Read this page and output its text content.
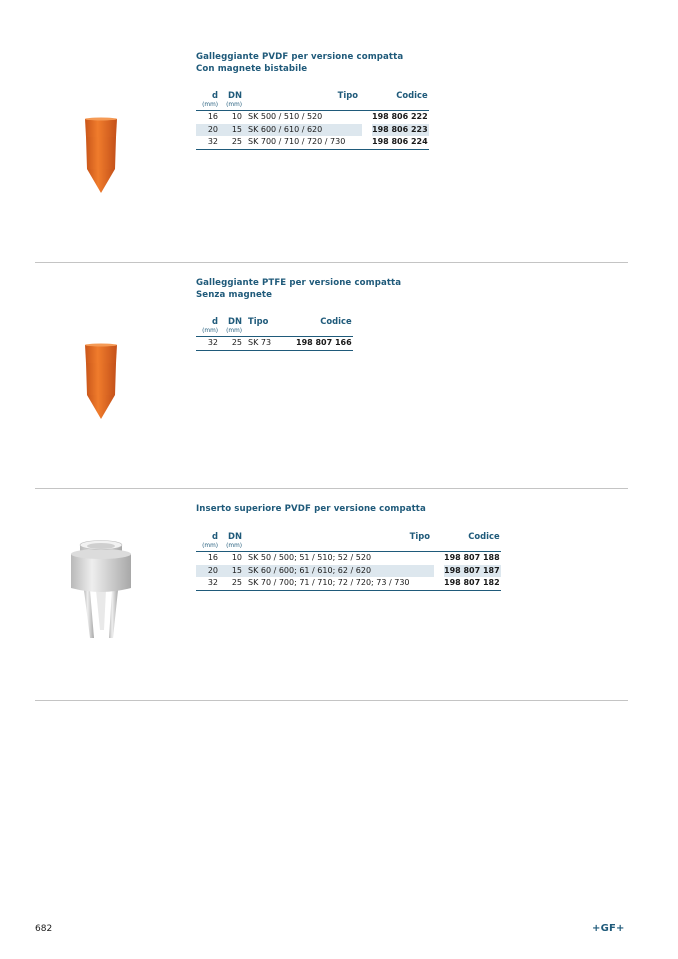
Galleggiante PVDF per versione compatta
Con magnete bistabile
d	DN	Tipo		Codice
(mm)	(mm)			
16	10	SK 500 / 510 / 520		198 806 222
20	15	SK 600 / 610 / 620		198 806 223
32	25	SK 700 / 710 / 720 / 730		198 806 224
Galleggiante PTFE per versione compatta
Senza magnete
d	DN	Tipo		Codice
(mm)	(mm)			
32	25	SK 73		198 807 166
Inserto superiore PVDF per versione compatta
d	DN	Tipo		Codice
(mm)	(mm)			
16	10	SK 50 / 500; 51 / 510; 52 / 520		198 807 188
20	15	SK 60 / 600; 61 / 610; 62 / 620		198 807 187
32	25	SK 70 / 700; 71 / 710; 72 / 720; 73 / 730		198 807 182
682	+GF+
